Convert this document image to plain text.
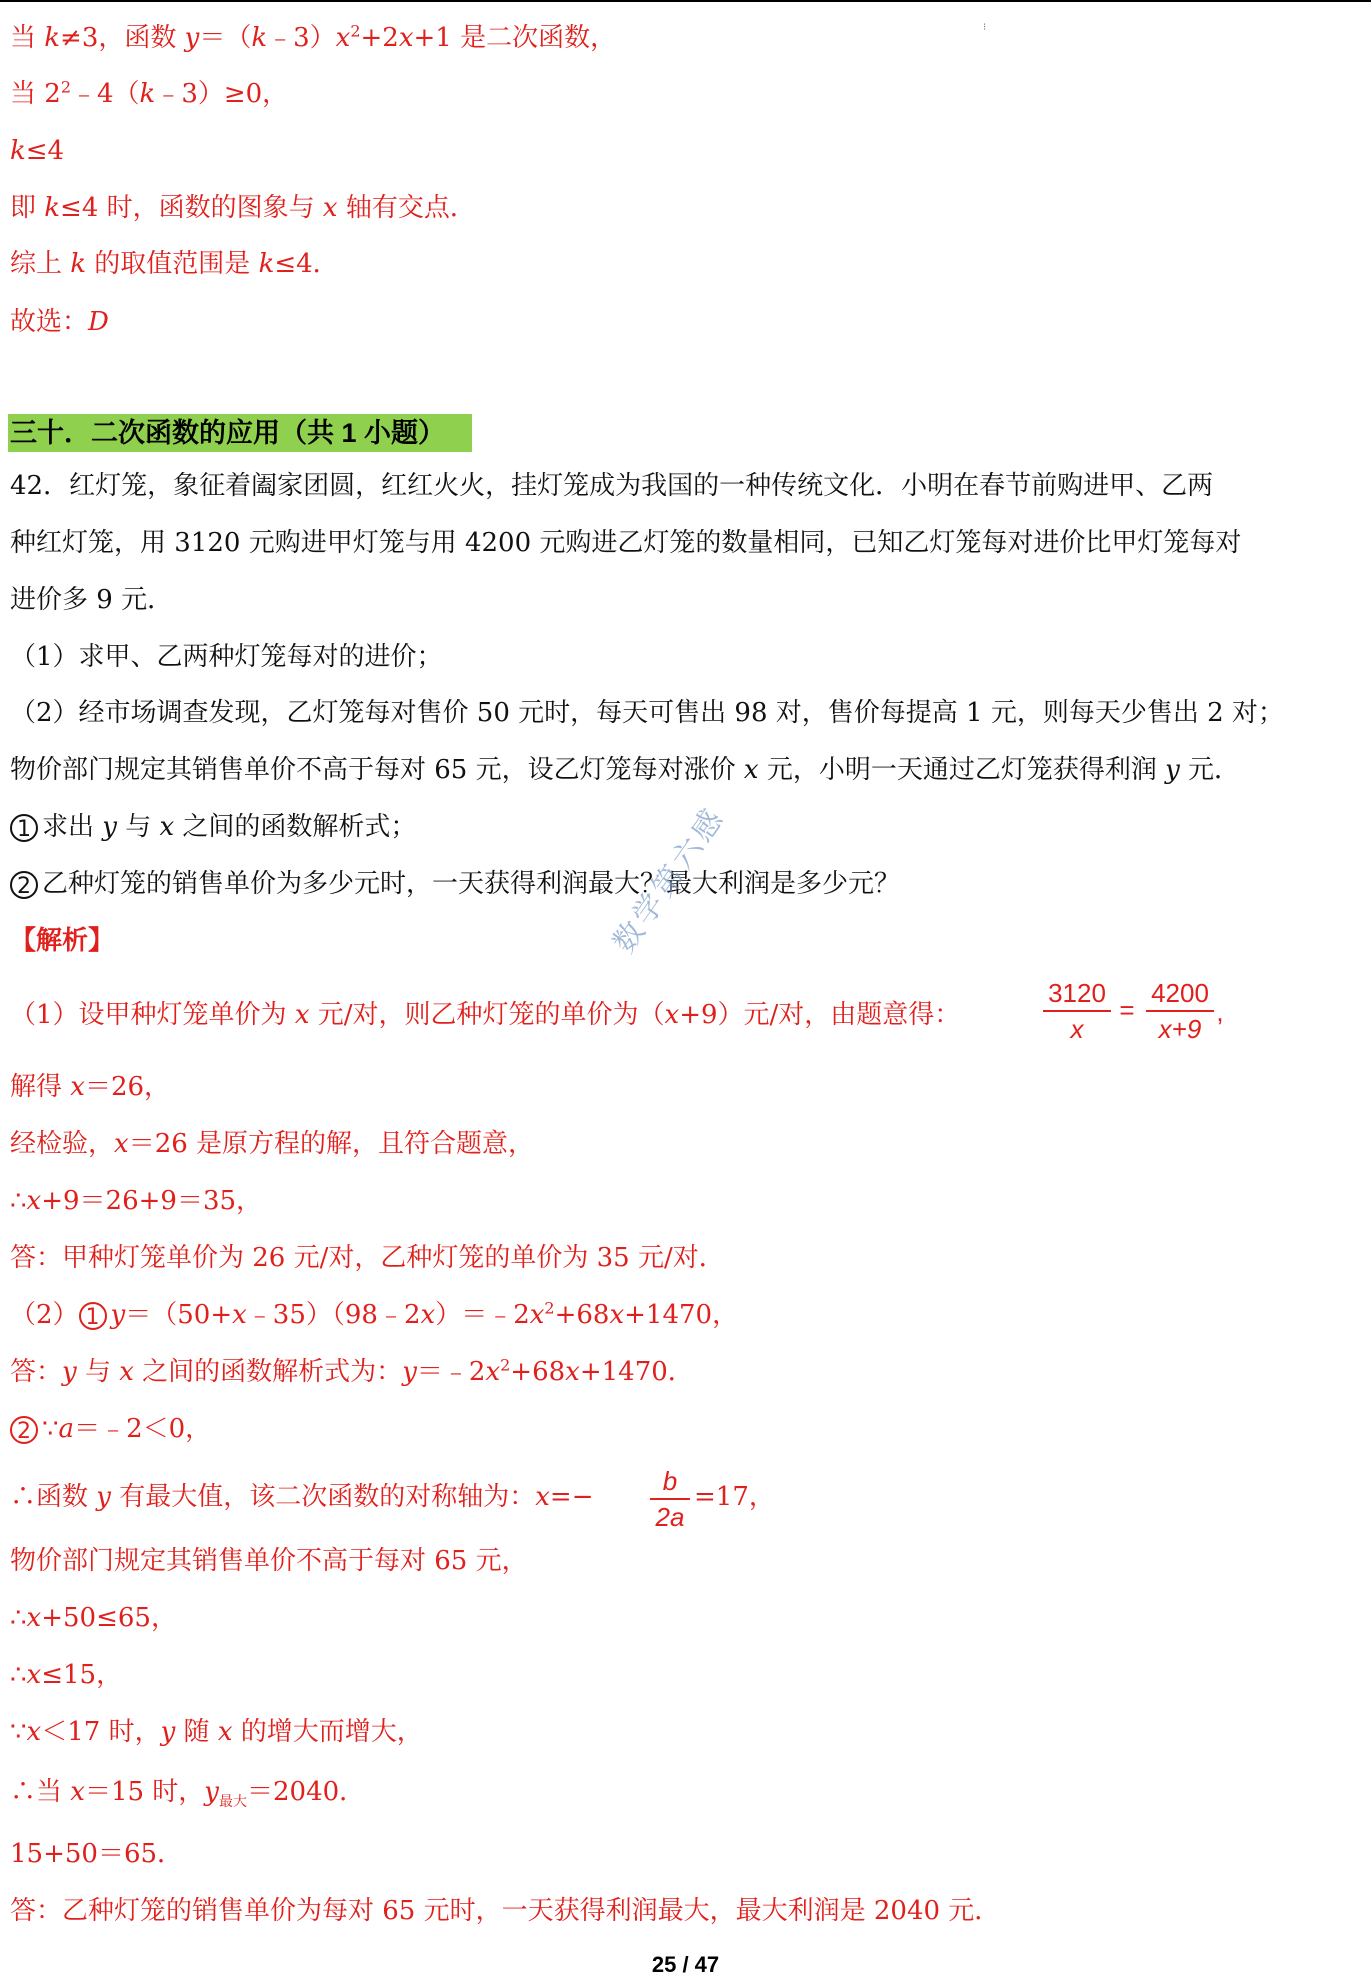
⁝
当 k≠3，函数 $y=(k﹣3)x^2+2x+1$ 是二次函数，
当 $2^2﹣4(k﹣3)\ge 0$，
k≤4
即 k≤4 时，函数的图象与 x 轴有交点．
综上 k 的取值范围是 k≤4．
故选：D
三十．二次函数的应用（共 1 小题）
42．红灯笼，象征着阖家团圆，红红火火，挂灯笼成为我国的一种传统文化．小明在春节前购进甲、乙两
种红灯笼，用 3120 元购进甲灯笼与用 4200 元购进乙灯笼的数量相同，已知乙灯笼每对进价比甲灯笼每对
进价多 9 元．
（1）求甲、乙两种灯笼每对的进价；
（2）经市场调查发现，乙灯笼每对售价 50 元时，每天可售出 98 对，售价每提高 1 元，则每天少售出 2 对；
物价部门规定其销售单价不高于每对 65 元，设乙灯笼每对涨价 x 元，小明一天通过乙灯笼获得利润 y 元．
1 求出 y 与 x 之间的函数解析式；
2 乙种灯笼的销售单价为多少元时，一天获得利润最大？最大利润是多少元？
【解析】	数学第六感
（1）设甲种灯笼单价为 x 元/对，则乙种灯笼的单价为（x+9）元/对，由题意得：
3120
x
=
4200
x+9
,
解得 x＝26，
经检验，x＝26 是原方程的解，且符合题意，
∴x+9＝26+9＝35，
答：甲种灯笼单价为 26 元/对，乙种灯笼的单价为 35 元/对．
（2） 1 $y=(50+x﹣35)(98﹣2x)=﹣2x^2+68x+1470$，
答：y 与 x 之间的函数解析式为：$y=﹣2x^2+68x+1470$．
2 ∵a＝﹣2＜0，
∴函数 y 有最大值，该二次函数的对称轴为：x=−
b
2a
=17，
物价部门规定其销售单价不高于每对 65 元，
∴x+50≤65，
∴x≤15，
∵x＜17 时，y 随 x 的增大而增大，
∴当 x＝15 时，$y_{最大}=2040$．
15+50＝65．
答：乙种灯笼的销售单价为每对 65 元时，一天获得利润最大，最大利润是 2040 元．
25 / 47
